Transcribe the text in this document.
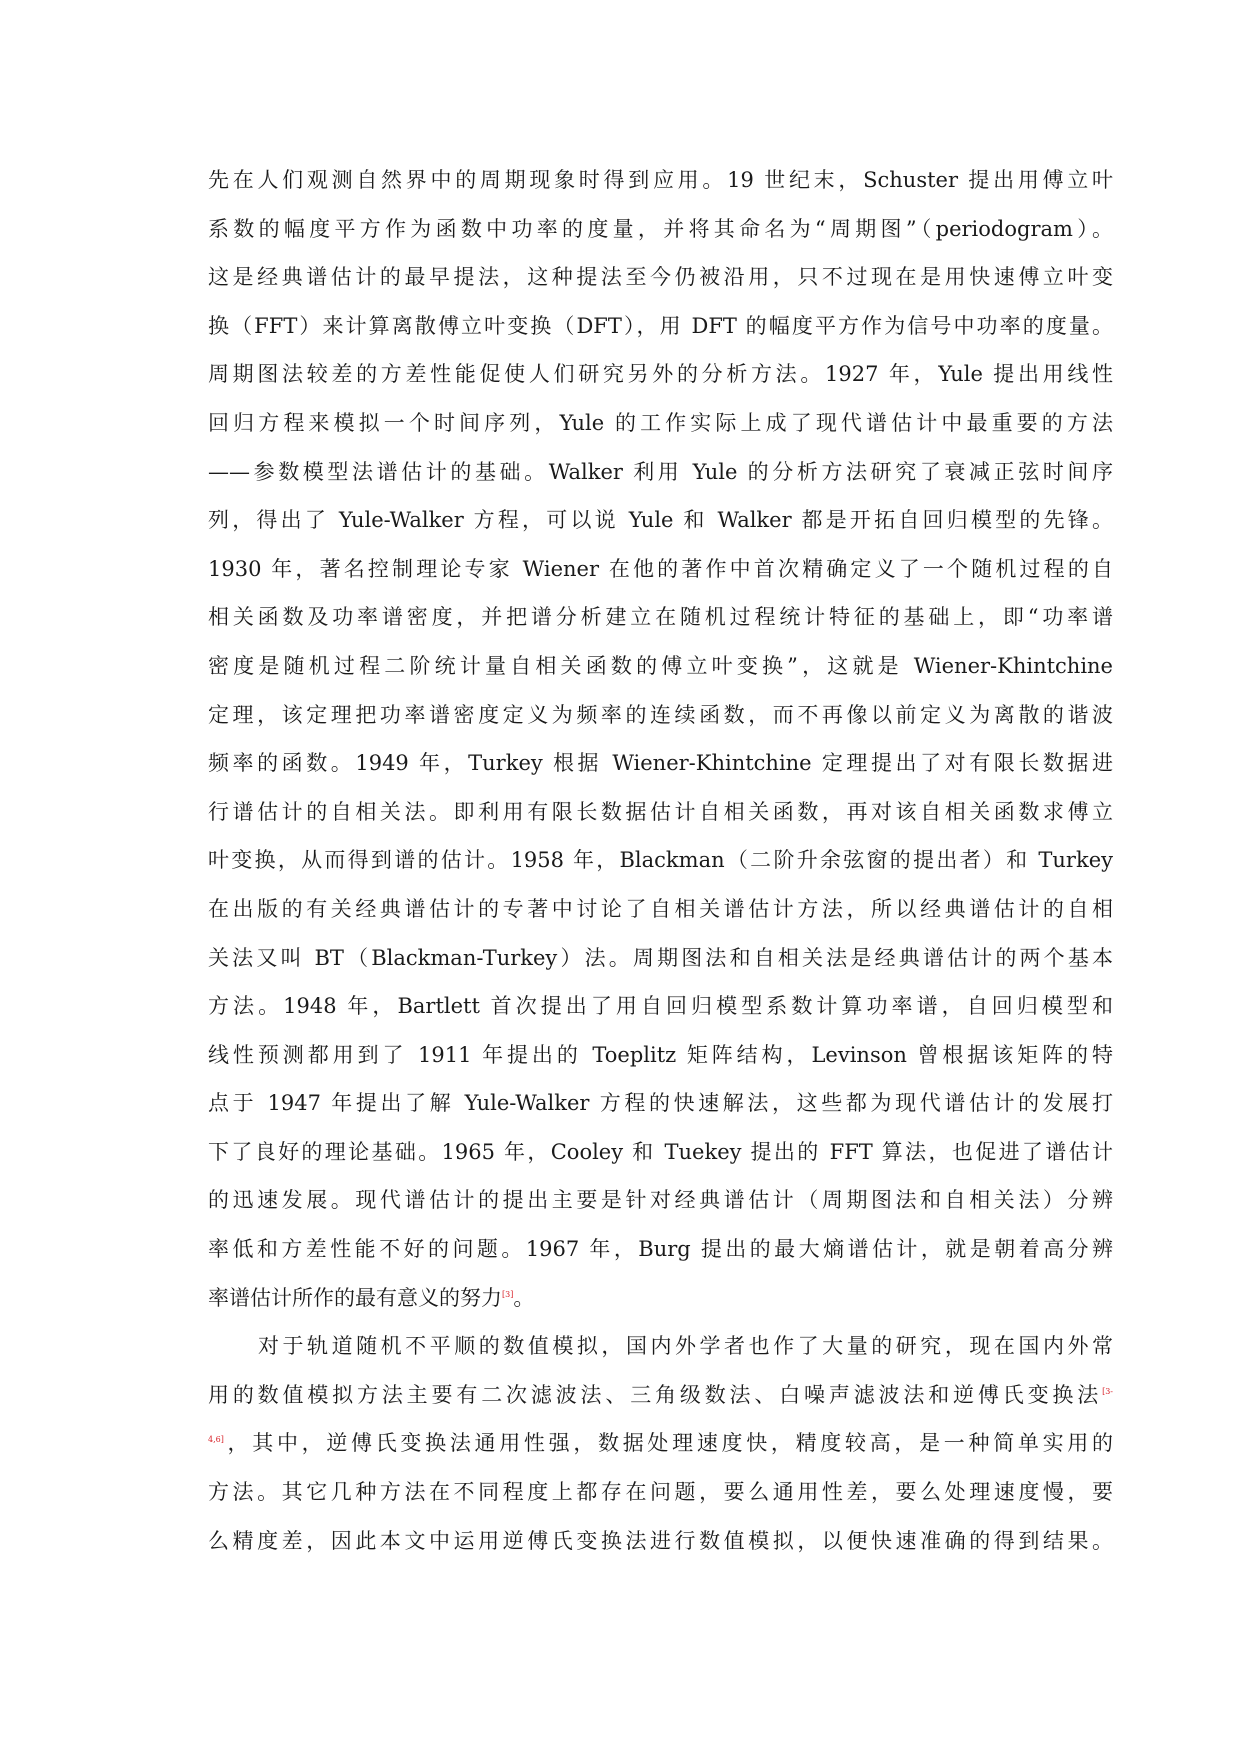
先在人们观测自然界中的周期现象时得到应用。19 世纪末，Schuster 提出用傅立叶
系数的幅度平方作为函数中功率的度量，并将其命名为“周期图”（periodogram）。
这是经典谱估计的最早提法，这种提法至今仍被沿用，只不过现在是用快速傅立叶变
换（FFT）来计算离散傅立叶变换（DFT），用 DFT 的幅度平方作为信号中功率的度量。
周期图法较差的方差性能促使人们研究另外的分析方法。1927 年，Yule 提出用线性
回归方程来模拟一个时间序列，Yule 的工作实际上成了现代谱估计中最重要的方法
——参数模型法谱估计的基础。Walker 利用 Yule 的分析方法研究了衰减正弦时间序
列，得出了 Yule-Walker 方程，可以说 Yule 和 Walker 都是开拓自回归模型的先锋。
1930 年，著名控制理论专家 Wiener 在他的著作中首次精确定义了一个随机过程的自
相关函数及功率谱密度，并把谱分析建立在随机过程统计特征的基础上，即“功率谱
密度是随机过程二阶统计量自相关函数的傅立叶变换”，这就是 Wiener-Khintchine
定理，该定理把功率谱密度定义为频率的连续函数，而不再像以前定义为离散的谐波
频率的函数。1949 年，Turkey 根据 Wiener-Khintchine 定理提出了对有限长数据进
行谱估计的自相关法。即利用有限长数据估计自相关函数，再对该自相关函数求傅立
叶变换，从而得到谱的估计。1958 年，Blackman（二阶升余弦窗的提出者）和 Turkey
在出版的有关经典谱估计的专著中讨论了自相关谱估计方法，所以经典谱估计的自相
关法又叫 BT（Blackman-Turkey）法。周期图法和自相关法是经典谱估计的两个基本
方法。1948 年，Bartlett 首次提出了用自回归模型系数计算功率谱，自回归模型和
线性预测都用到了 1911 年提出的 Toeplitz 矩阵结构，Levinson 曾根据该矩阵的特
点于 1947 年提出了解 Yule-Walker 方程的快速解法，这些都为现代谱估计的发展打
下了良好的理论基础。1965 年，Cooley 和 Tuekey 提出的 FFT 算法，也促进了谱估计
的迅速发展。现代谱估计的提出主要是针对经典谱估计（周期图法和自相关法）分辨
率低和方差性能不好的问题。1967 年，Burg 提出的最大熵谱估计，就是朝着高分辨
率谱估计所作的最有意义的努力[3]。
对于轨道随机不平顺的数值模拟，国内外学者也作了大量的研究，现在国内外常
用的数值模拟方法主要有二次滤波法、三角级数法、白噪声滤波法和逆傅氏变换法$^{[3-}$
$^{4,6]}$，其中，逆傅氏变换法通用性强，数据处理速度快，精度较高，是一种简单实用的
方法。其它几种方法在不同程度上都存在问题，要么通用性差，要么处理速度慢，要
么精度差，因此本文中运用逆傅氏变换法进行数值模拟，以便快速准确的得到结果。
